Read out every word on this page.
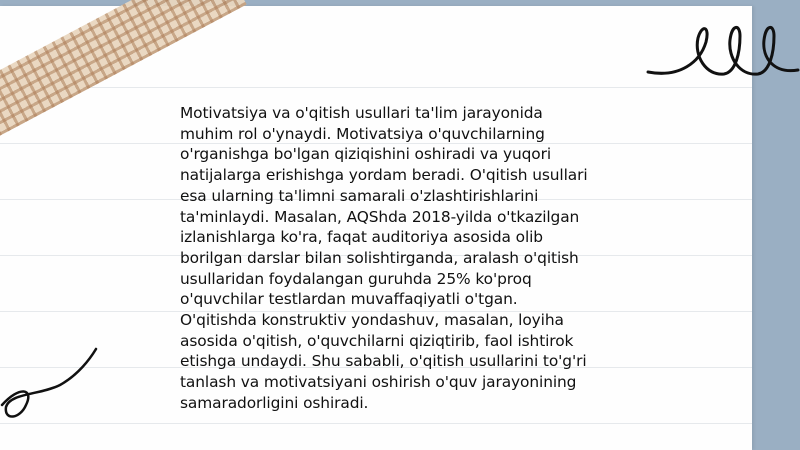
Motivatsiya va o'qitish usullari ta'lim jarayonida
muhim rol o'ynaydi. Motivatsiya o'quvchilarning
o'rganishga bo'lgan qiziqishini oshiradi va yuqori
natijalarga erishishga yordam beradi. O'qitish usullari
esa ularning ta'limni samarali o'zlashtirishlarini
ta'minlaydi. Masalan, AQShda 2018-yilda o'tkazilgan
izlanishlarga ko'ra, faqat auditoriya asosida olib
borilgan darslar bilan solishtirganda, aralash o'qitish
usullaridan foydalangan guruhda 25% ko'proq
o'quvchilar testlardan muvaffaqiyatli o'tgan.
O'qitishda konstruktiv yondashuv, masalan, loyiha
asosida o'qitish, o'quvchilarni qiziqtirib, faol ishtirok
etishga undaydi. Shu sababli, o'qitish usullarini to'g'ri
tanlash va motivatsiyani oshirish o'quv jarayonining
samaradorligini oshiradi.
